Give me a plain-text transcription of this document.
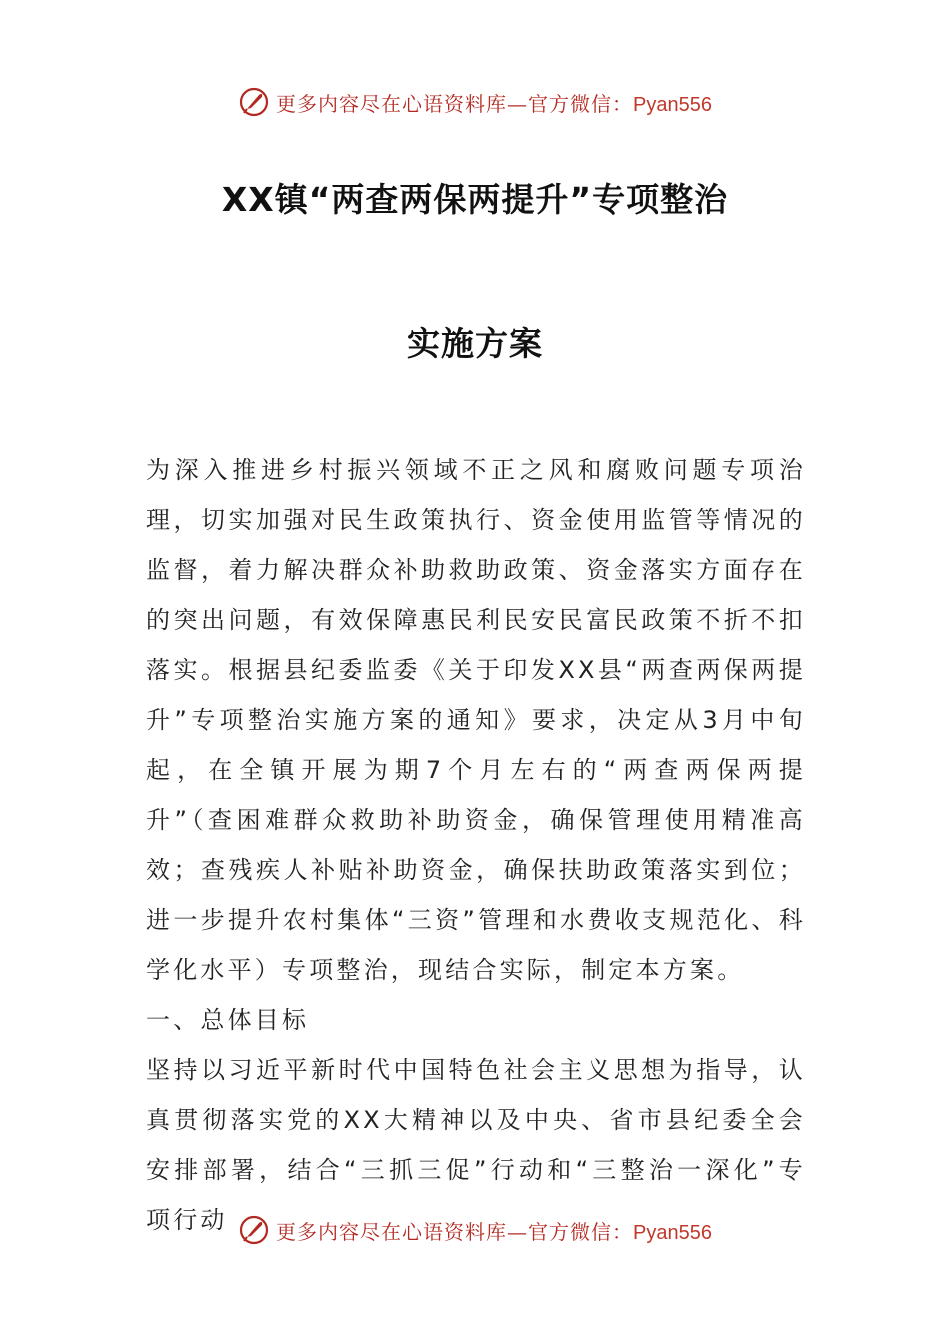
更多内容尽在心语资料库—官方微信：Pyan556
XX镇“两查两保两提升”专项整治
实施方案

为深入推进乡村振兴领域不正之风和腐败问题专项治理，切实加强对民生政策执行、资金使用监管等情况的监督，着力解决群众补助救助政策、资金落实方面存在的突出问题，有效保障惠民利民安民富民政策不折不扣落实。根据县纪委监委《关于印发XX县“两查两保两提升”专项整治实施方案的通知》要求，决定从3月中旬起，在全镇开展为期7个月左右的“两查两保两提升”（查困难群众救助补助资金，确保管理使用精准高效；查残疾人补贴补助资金，确保扶助政策落实到位；进一步提升农村集体“三资”管理和水费收支规范化、科学化水平）专项整治，现结合实际，制定本方案。

一、总体目标

坚持以习近平新时代中国特色社会主义思想为指导，认真贯彻落实党的XX大精神以及中央、省市县纪委全会安排部署，结合“三抓三促”行动和“三整治一深化”专项行动	更多内容尽在心语资料库—官方微信：Pyan556
